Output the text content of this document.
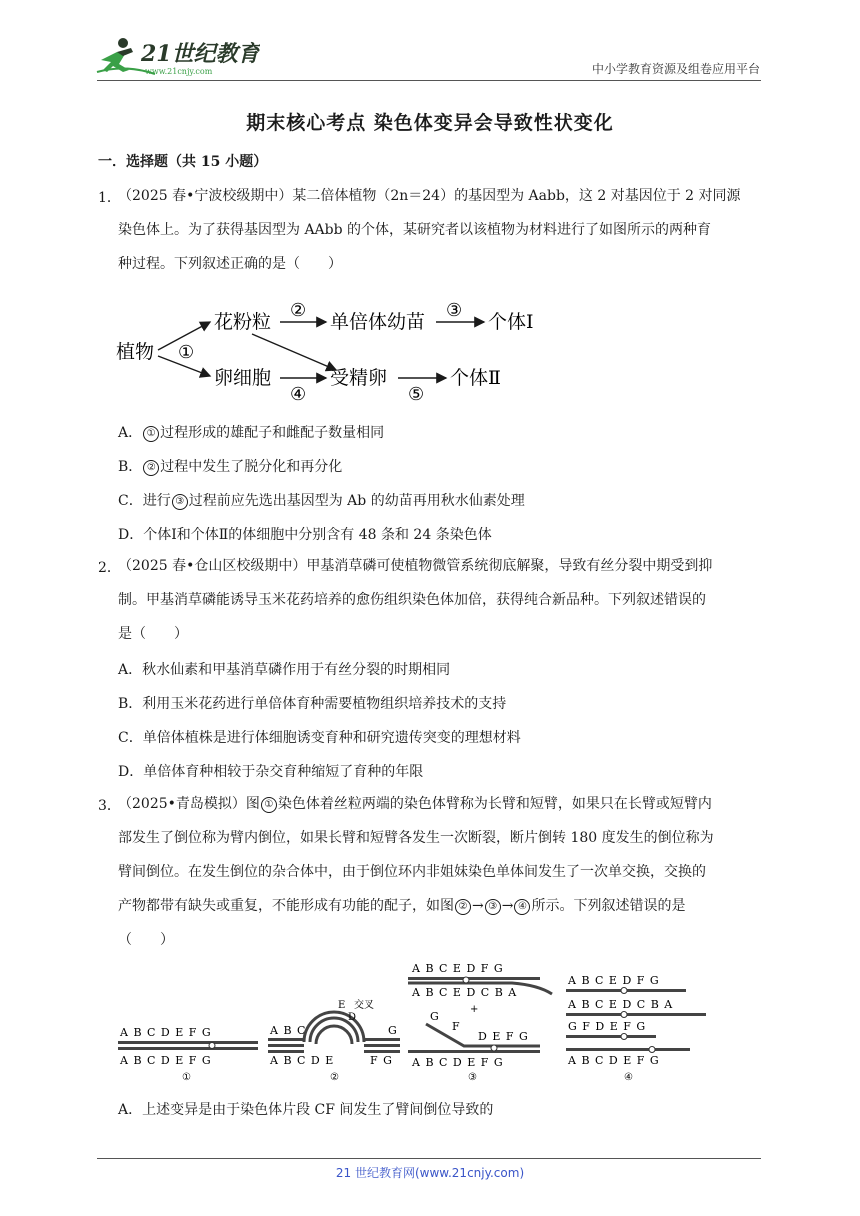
21世纪教育
www.21cnjy.com	中小学教育资源及组卷应用平台
期末核心考点 染色体变异会导致性状变化
一．选择题（共 15 小题）
1．
（2025 春•宁波校级期中）某二倍体植物（2n＝24）的基因型为 Aabb，这 2 对基因位于 2 对同源
染色体上。为了获得基因型为 AAbb 的个体，某研究者以该植物为材料进行了如图所示的两种育
种过程。下列叙述正确的是（　　）
植物 ①
花粉粒
②
单倍体幼苗
③
个体Ⅰ
卵细胞
④
受精卵
⑤
个体Ⅱ
A． ① 过程形成的雄配子和雌配子数量相同
B． ② 过程中发生了脱分化和再分化
C．进行 ③ 过程前应先选出基因型为 Ab 的幼苗再用秋水仙素处理
D．个体Ⅰ和个体Ⅱ的体细胞中分别含有 48 条和 24 条染色体
2．
（2025 春•仓山区校级期中）甲基消草磷可使植物微管系统彻底解聚，导致有丝分裂中期受到抑
制。甲基消草磷能诱导玉米花药培养的愈伤组织染色体加倍，获得纯合新品种。下列叙述错误的
是（　　）
A．秋水仙素和甲基消草磷作用于有丝分裂的时期相同
B．利用玉米花药进行单倍体育种需要植物组织培养技术的支持
C．单倍体植株是进行体细胞诱变育种和研究遗传突变的理想材料
D．单倍体育种相较于杂交育种缩短了育种的年限
3．
（2025•青岛模拟）图 ① 染色体着丝粒两端的染色体臂称为长臂和短臂，如果只在长臂或短臂内
部发生了倒位称为臂内倒位，如果长臂和短臂各发生一次断裂，断片倒转 180 度发生的倒位称为
臂间倒位。在发生倒位的杂合体中，由于倒位环内非姐妹染色单体间发生了一次单交换，交换的
产物都带有缺失或重复，不能形成有功能的配子，如图 ② → ③ → ④ 所示。下列叙述错误的是
（　　）
A B C D E F G
A B C D E F G
①
A B C
E 交叉
D
G
A B C D E	F G
②
A B C E D F G
A B C E D C B A
G
F
+
D E F G
A B C D E F G
③
A B C E D F G
A B C E D C B A
G F D E F G
A B C D E F G
④
A．上述变异是由于染色体片段 CF 间发生了臂间倒位导致的
21 世纪教育网(www.21cnjy.com)
